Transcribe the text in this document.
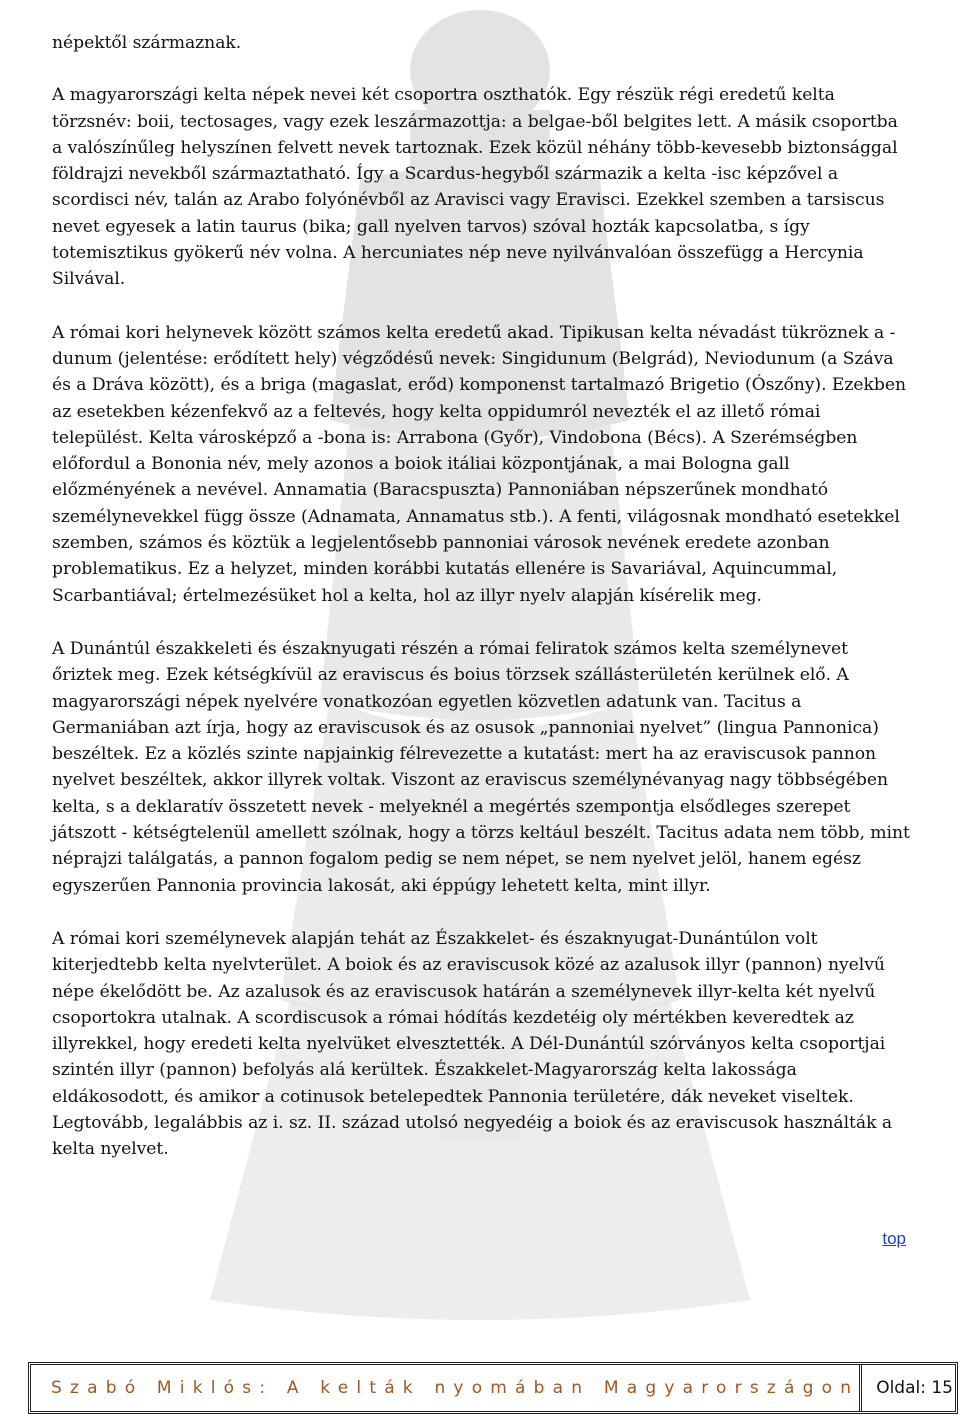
népektől származnak.

A magyarországi kelta népek nevei két csoportra oszthatók. Egy részük régi eredetű kelta törzsnév: boii, tectosages, vagy ezek leszármazottja: a belgae-ből belgites lett. A másik csoportba a valószínűleg helyszínen felvett nevek tartoznak. Ezek közül néhány több-kevesebb biztonsággal földrajzi nevekből származtatható. Így a Scardus-hegyből származik a kelta -isc képzővel a scordisci név, talán az Arabo folyónévből az Aravisci vagy Eravisci. Ezekkel szemben a tarsiscus nevet egyesek a latin taurus (bika; gall nyelven tarvos) szóval hozták kapcsolatba, s így totemisztikus gyökerű név volna. A hercuniates nép neve nyilvánvalóan összefügg a Hercynia Silvával.

A római kori helynevek között számos kelta eredetű akad. Tipikusan kelta névadást tükröznek a -dunum (jelentése: erődített hely) végződésű nevek: Singidunum (Belgrád), Neviodunum (a Száva és a Dráva között), és a briga (magaslat, erőd) komponenst tartalmazó Brigetio (Ószőny). Ezekben az esetekben kézenfekvő az a feltevés, hogy kelta oppidumról nevezték el az illető római települést. Kelta városképző a -bona is: Arrabona (Győr), Vindobona (Bécs). A Szerémségben előfordul a Bononia név, mely azonos a boiok itáliai központjának, a mai Bologna gall előzményének a nevével. Annamatia (Baracspuszta) Pannoniában népszerűnek mondható személynevekkel függ össze (Adnamata, Annamatus stb.). A fenti, világosnak mondható esetekkel szemben, számos és köztük a legjelentősebb pannoniai városok nevének eredete azonban problematikus. Ez a helyzet, minden korábbi kutatás ellenére is Savariával, Aquincummal, Scarbantiával; értelmezésüket hol a kelta, hol az illyr nyelv alapján kísérelik meg.

A Dunántúl északkeleti és északnyugati részén a római feliratok számos kelta személynevet őriztek meg. Ezek kétségkívül az eraviscus és boius törzsek szállásterületén kerülnek elő. A magyarországi népek nyelvére vonatkozóan egyetlen közvetlen adatunk van. Tacitus a Germaniában azt írja, hogy az eraviscusok és az osusok „pannoniai nyelvet” (lingua Pannonica) beszéltek. Ez a közlés szinte napjainkig félrevezette a kutatást: mert ha az eraviscusok pannon nyelvet beszéltek, akkor illyrek voltak. Viszont az eraviscus személynévanyag nagy többségében kelta, s a deklaratív összetett nevek - melyeknél a megértés szempontja elsődleges szerepet játszott - kétségtelenül amellett szólnak, hogy a törzs keltául beszélt. Tacitus adata nem több, mint néprajzi találgatás, a pannon fogalom pedig se nem népet, se nem nyelvet jelöl, hanem egész egyszerűen Pannonia provincia lakosát, aki éppúgy lehetett kelta, mint illyr.

A római kori személynevek alapján tehát az Északkelet- és északnyugat-Dunántúlon volt kiterjedtebb kelta nyelvterület. A boiok és az eraviscusok közé az azalusok illyr (pannon) nyelvű népe ékelődött be. Az azalusok és az eraviscusok határán a személynevek illyr-kelta két nyelvű csoportokra utalnak. A scordiscusok a római hódítás kezdetéig oly mértékben keveredtek az illyrekkel, hogy eredeti kelta nyelvüket elvesztették. A Dél-Dunántúl szórványos kelta csoportjai szintén illyr (pannon) befolyás alá kerültek. Északkelet-Magyarország kelta lakossága eldákosodott, és amikor a cotinusok betelepedtek Pannonia területére, dák neveket viseltek. Legtovább, legalábbis az i. sz. II. század utolsó negyedéig a boiok és az eraviscusok használták a kelta nyelvet.

top
Szabó Miklós: A kelták nyomában Magyarországon	Oldal: 15
